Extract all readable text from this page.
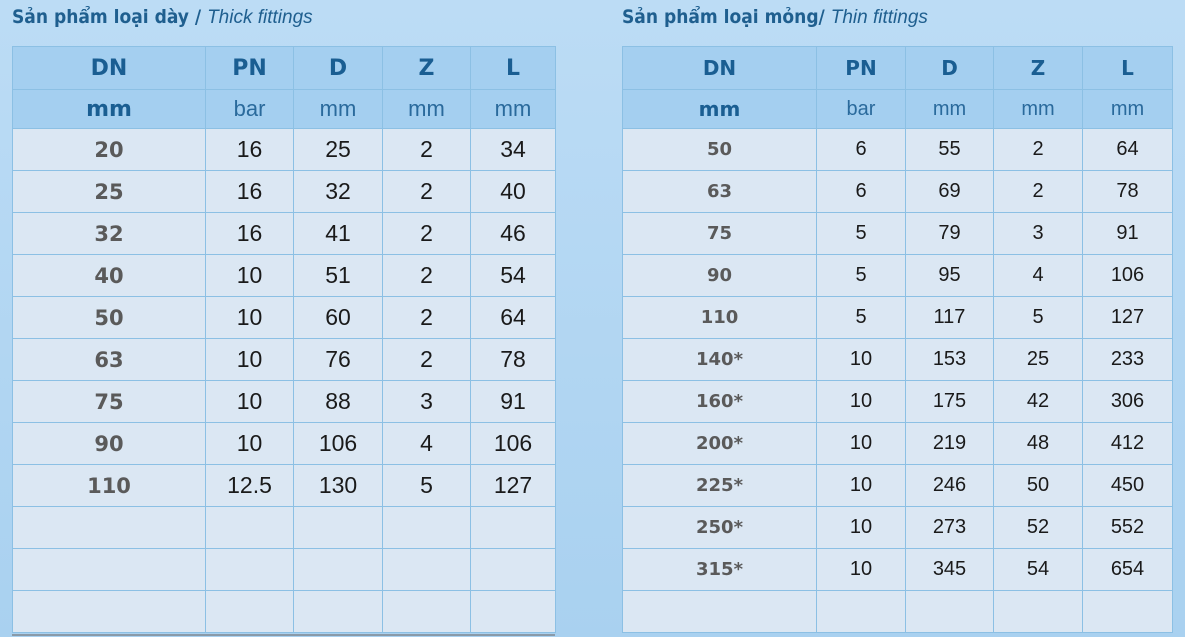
Sản phẩm loại dày / Thick fittings	Sản phẩm loại mỏng/ Thin fittings
DN	PN	D	Z	L
mm	bar	mm	mm	mm
20	16	25	2	34
25	16	32	2	40
32	16	41	2	46
40	10	51	2	54
50	10	60	2	64
63	10	76	2	78
75	10	88	3	91
90	10	106	4	106
110	12.5	130	5	127

DN	PN	D	Z	L
mm	bar	mm	mm	mm
50	6	55	2	64
63	6	69	2	78
75	5	79	3	91
90	5	95	4	106
110	5	117	5	127
140*	10	153	25	233
160*	10	175	42	306
200*	10	219	48	412
225*	10	246	50	450
250*	10	273	52	552
315*	10	345	54	654
